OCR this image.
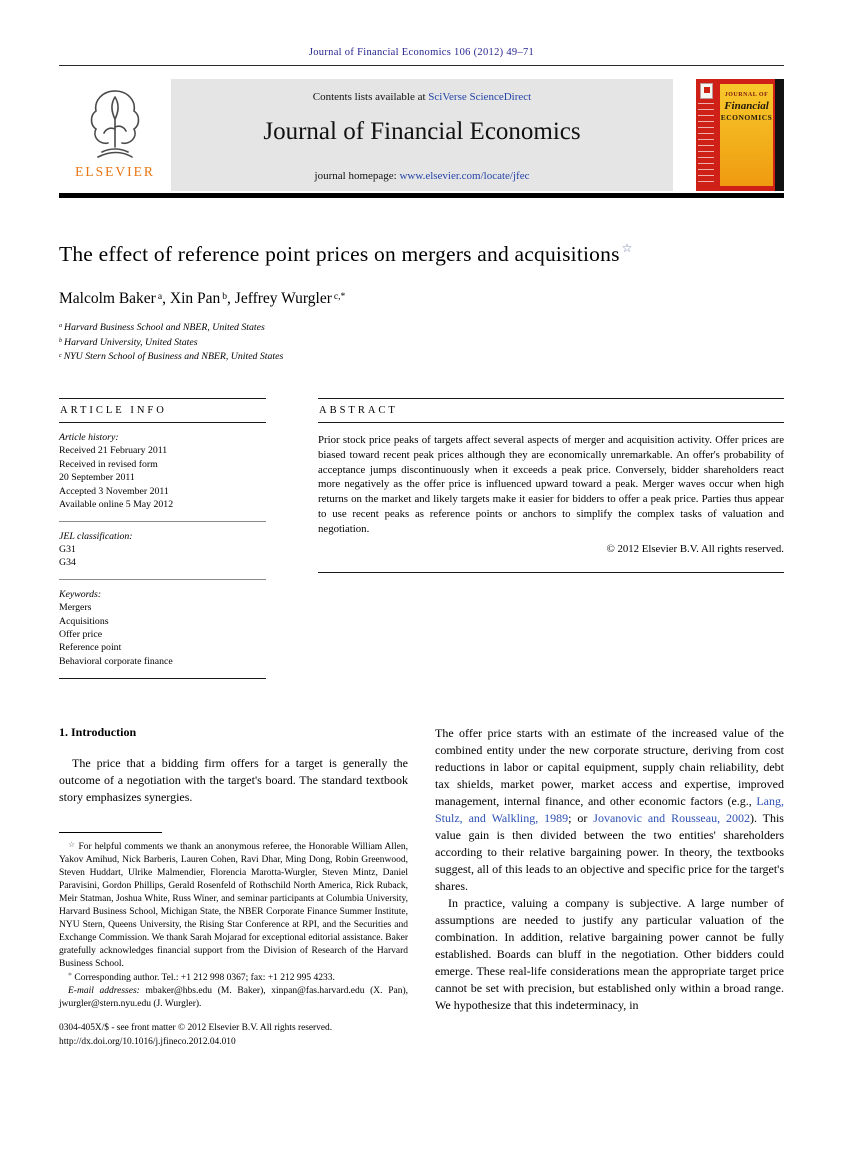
Journal of Financial Economics 106 (2012) 49–71
ELSEVIER
Contents lists available at SciVerse ScienceDirect
Journal of Financial Economics
journal homepage: www.elsevier.com/locate/jfec
JOURNAL OF
Financial
ECONOMICS
The effect of reference point prices on mergers and acquisitions ☆
Malcolm Baker $^a$, Xin Pan $^b$, Jeffrey Wurgler $^{c,*}$
$^a$ Harvard Business School and NBER, United States
$^b$ Harvard University, United States
$^c$ NYU Stern School of Business and NBER, United States
ARTICLE INFO
Article history:
Received 21 February 2011
Received in revised form
20 September 2011
Accepted 3 November 2011
Available online 5 May 2012
JEL classification:
G31
G34
Keywords:
Mergers
Acquisitions
Offer price
Reference point
Behavioral corporate finance
ABSTRACT
Prior stock price peaks of targets affect several aspects of merger and acquisition activity. Offer prices are biased toward recent peak prices although they are economically unremarkable. An offer's probability of acceptance jumps discontinuously when it exceeds a peak price. Conversely, bidder shareholders react more negatively as the offer price is influenced upward toward a peak. Merger waves occur when high returns on the market and likely targets make it easier for bidders to offer a peak price. Parties thus appear to use recent peaks as reference points or anchors to simplify the complex tasks of valuation and negotiation.
© 2012 Elsevier B.V. All rights reserved.
1. Introduction
The price that a bidding firm offers for a target is generally the outcome of a negotiation with the target's board. The standard textbook story emphasizes synergies.
☆ For helpful comments we thank an anonymous referee, the Honorable William Allen, Yakov Amihud, Nick Barberis, Lauren Cohen, Ravi Dhar, Ming Dong, Robin Greenwood, Steven Huddart, Ulrike Malmendier, Florencia Marotta-Wurgler, Steven Mintz, Daniel Paravisini, Gordon Phillips, Gerald Rosenfeld of Rothschild North America, Rick Ruback, Meir Statman, Joshua White, Russ Winer, and seminar participants at Columbia University, Harvard Business School, Michigan State, the NBER Corporate Finance Summer Institute, NYU Stern, Queens University, the Rising Star Conference at RPI, and the Securities and Exchange Commission. We thank Sarah Mojarad for exceptional editorial assistance. Baker gratefully acknowledges financial support from the Division of Research of the Harvard Business School.
* Corresponding author. Tel.: +1 212 998 0367; fax: +1 212 995 4233.
E-mail addresses: mbaker@hbs.edu (M. Baker), xinpan@fas.harvard.edu (X. Pan), jwurgler@stern.nyu.edu (J. Wurgler).
0304-405X/$ - see front matter © 2012 Elsevier B.V. All rights reserved.
http://dx.doi.org/10.1016/j.jfineco.2012.04.010
The offer price starts with an estimate of the increased value of the combined entity under the new corporate structure, deriving from cost reductions in labor or capital equipment, supply chain reliability, debt tax shields, market power, market access and expertise, improved management, internal finance, and other economic factors (e.g., Lang, Stulz, and Walkling, 1989; or Jovanovic and Rousseau, 2002). This value gain is then divided between the two entities' shareholders according to their relative bargaining power. In theory, the textbooks suggest, all of this leads to an objective and specific price for the target's shares.
In practice, valuing a company is subjective. A large number of assumptions are needed to justify any particular valuation of the combination. In addition, relative bargaining power cannot be fully established. Boards can bluff in the negotiation. Other bidders could emerge. These real-life considerations mean the appropriate target price cannot be set with precision, but established only within a broad range. We hypothesize that this indeterminacy, in
